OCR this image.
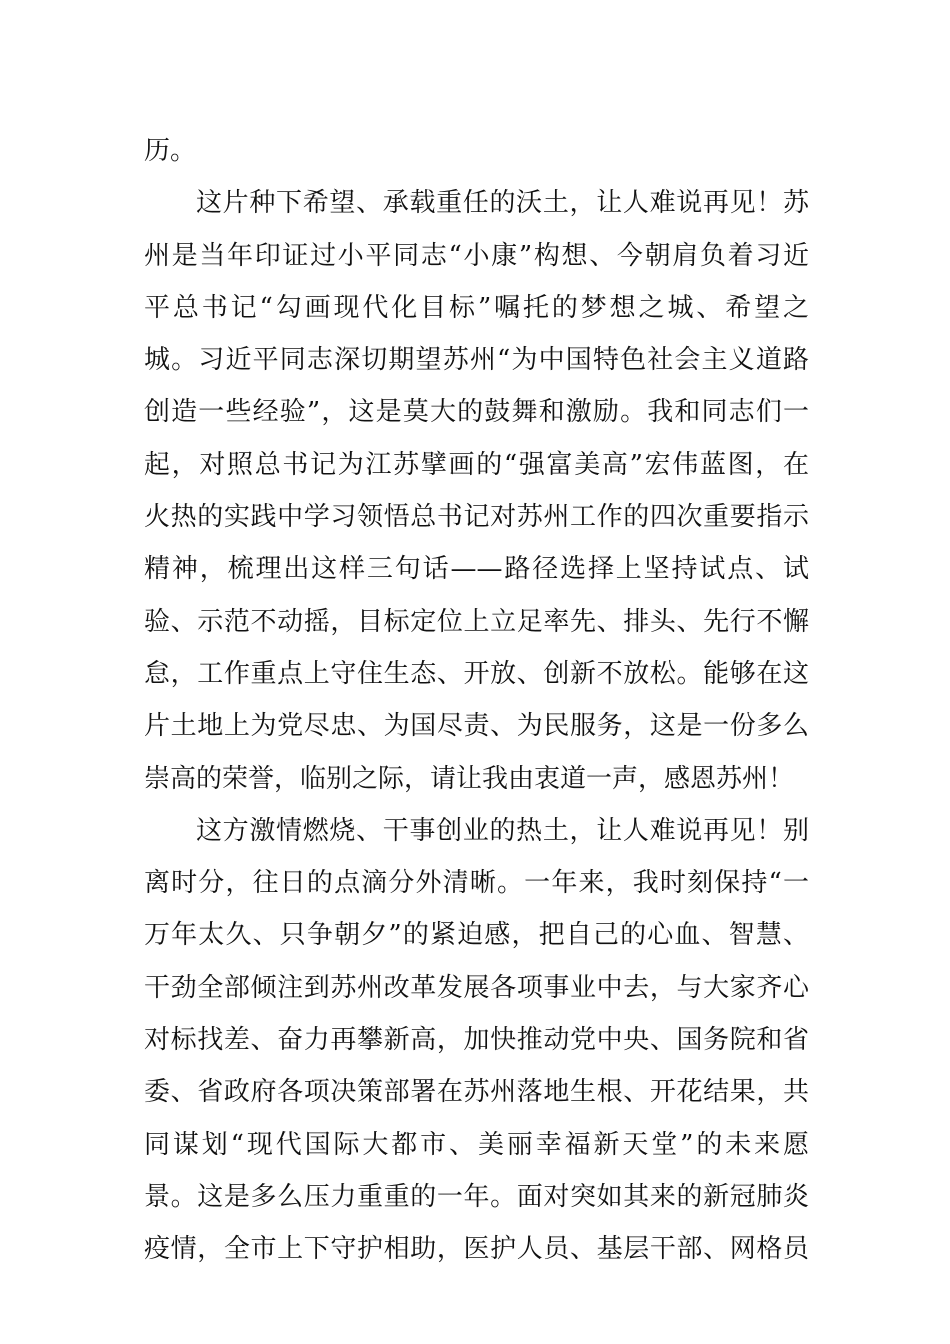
历。
这片种下希望、承载重任的沃土，让人难说再见！苏
州是当年印证过小平同志“小康”构想、今朝肩负着习近
平总书记“勾画现代化目标”嘱托的梦想之城、希望之
城。习近平同志深切期望苏州“为中国特色社会主义道路
创造一些经验”，这是莫大的鼓舞和激励。我和同志们一
起，对照总书记为江苏擘画的“强富美高”宏伟蓝图，在
火热的实践中学习领悟总书记对苏州工作的四次重要指示
精神，梳理出这样三句话——路径选择上坚持试点、试
验、示范不动摇，目标定位上立足率先、排头、先行不懈
怠，工作重点上守住生态、开放、创新不放松。能够在这
片土地上为党尽忠、为国尽责、为民服务，这是一份多么
崇高的荣誉，临别之际，请让我由衷道一声，感恩苏州！
这方激情燃烧、干事创业的热土，让人难说再见！别
离时分，往日的点滴分外清晰。一年来，我时刻保持“一
万年太久、只争朝夕”的紧迫感，把自己的心血、智慧、
干劲全部倾注到苏州改革发展各项事业中去，与大家齐心
对标找差、奋力再攀新高，加快推动党中央、国务院和省
委、省政府各项决策部署在苏州落地生根、开花结果，共
同谋划“现代国际大都市、美丽幸福新天堂”的未来愿
景。这是多么压力重重的一年。面对突如其来的新冠肺炎
疫情，全市上下守护相助，医护人员、基层干部、网格员
